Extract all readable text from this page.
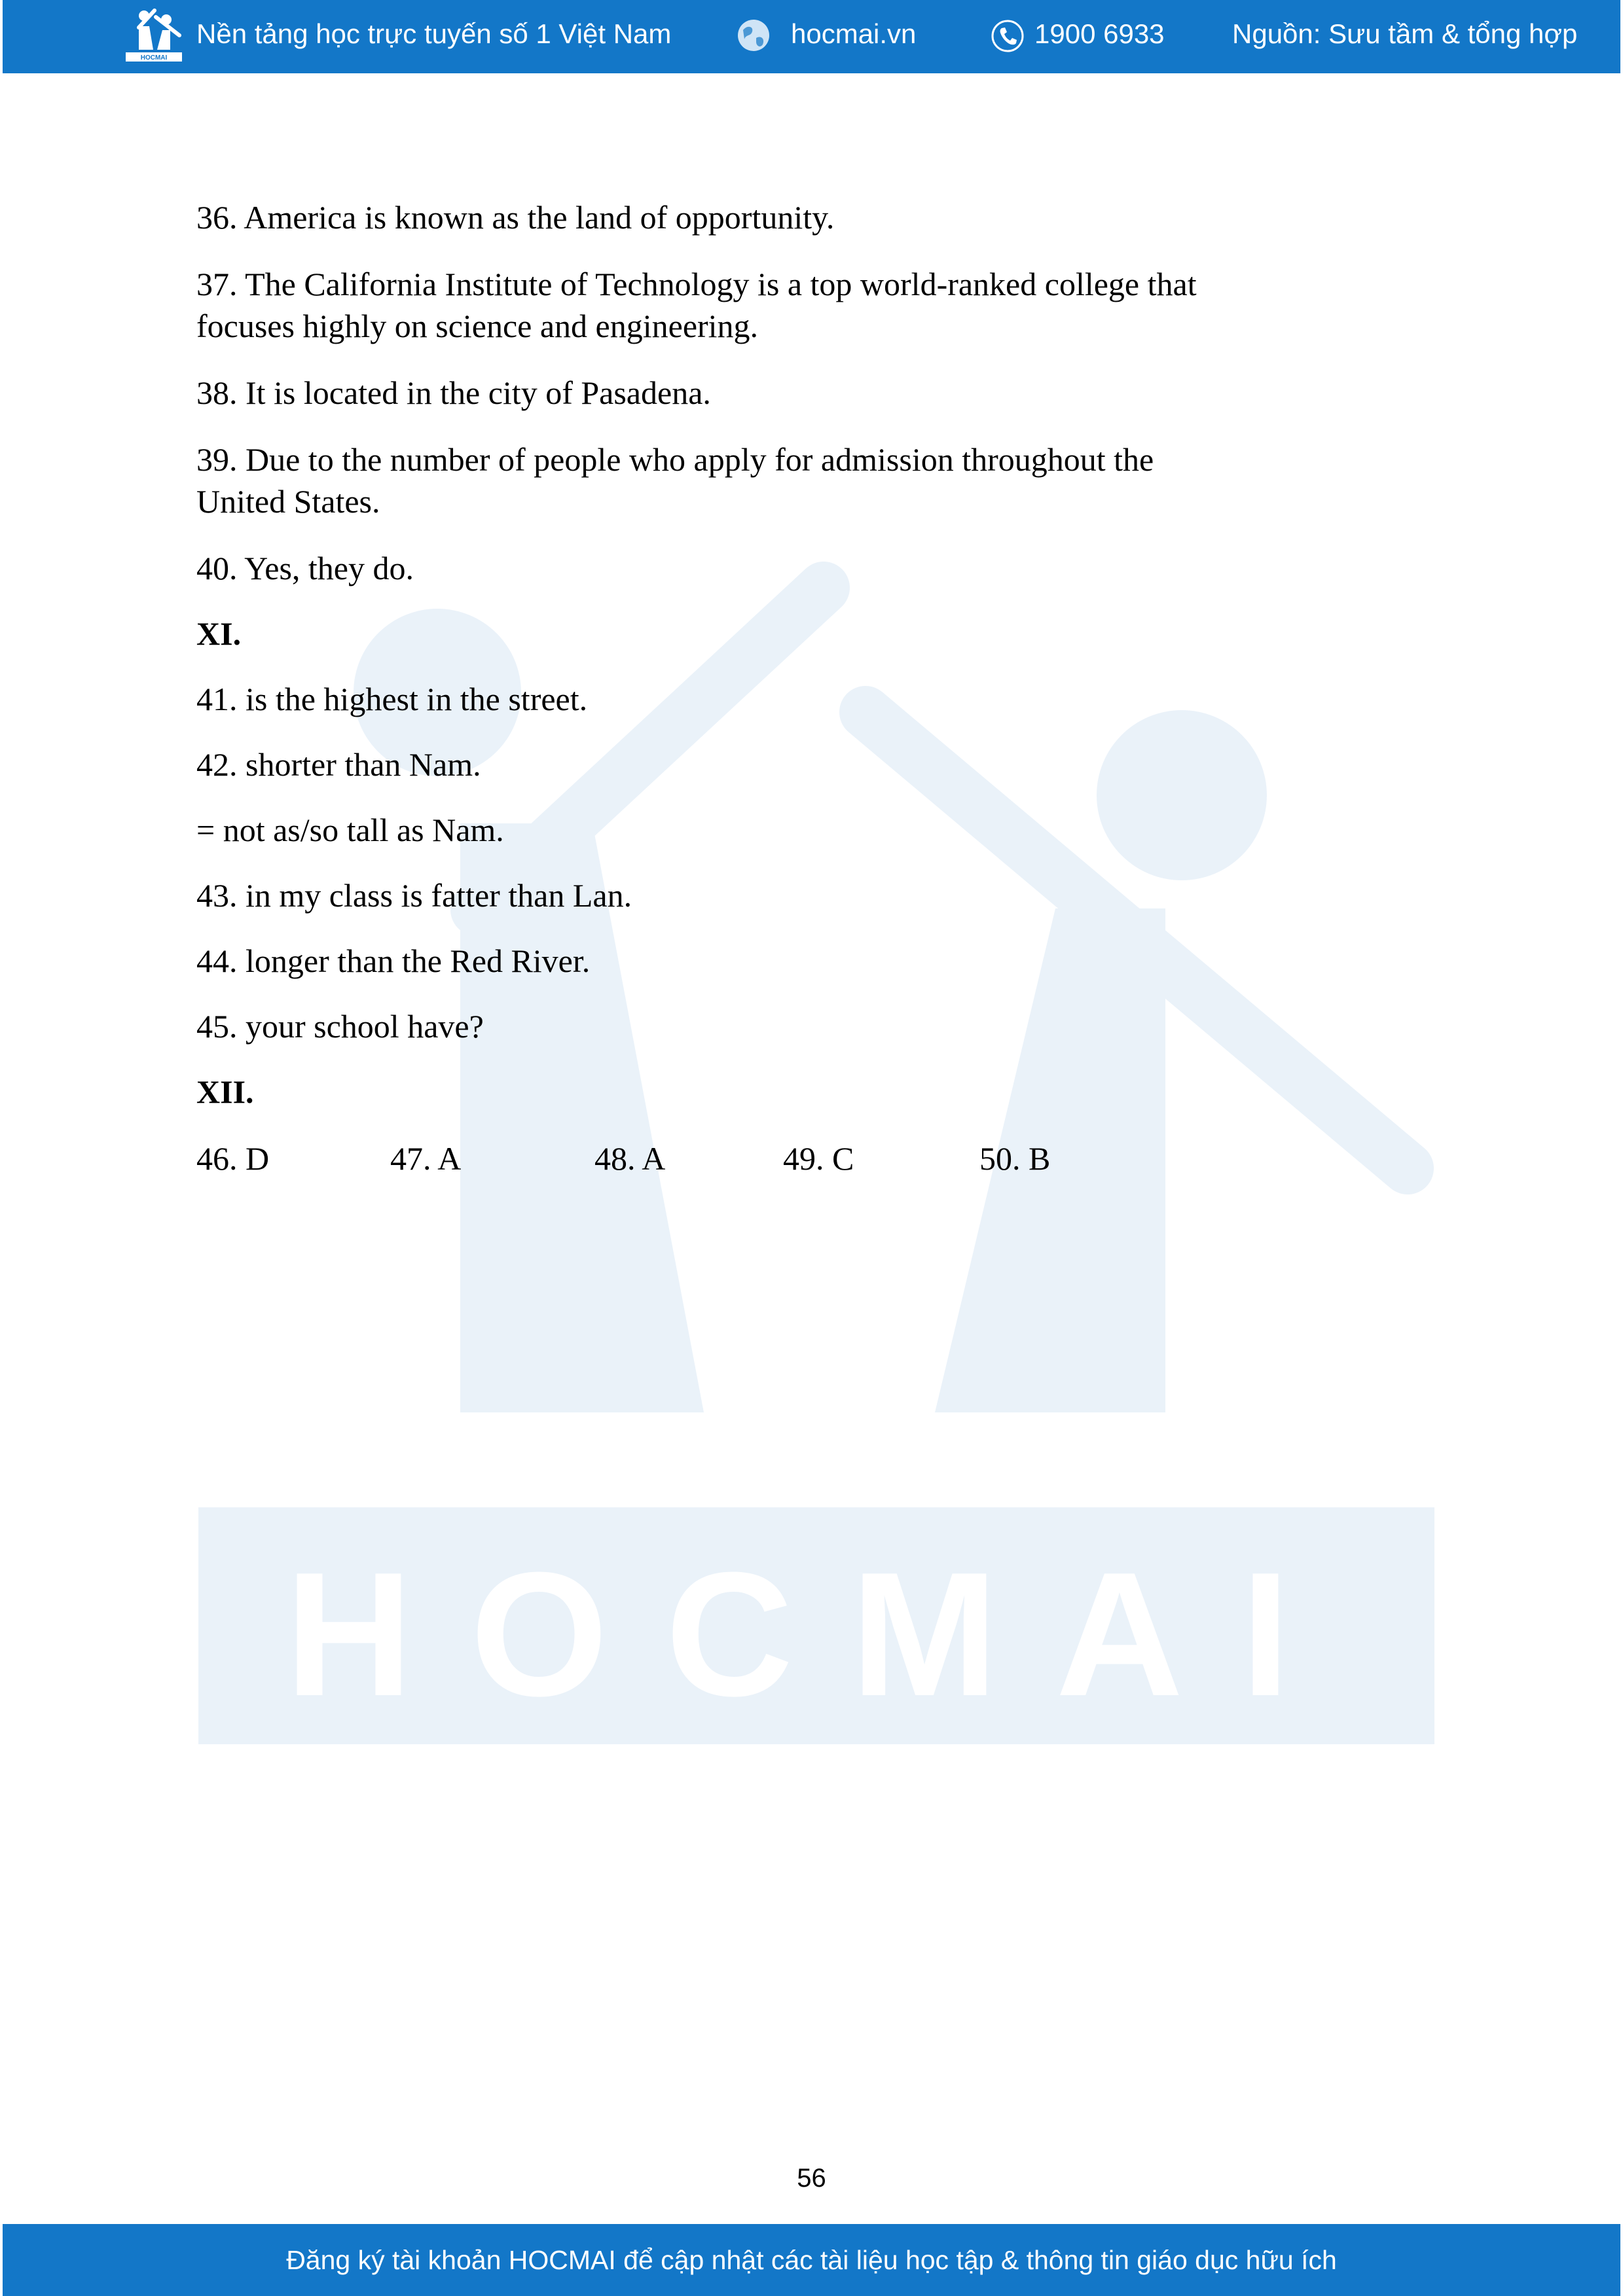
HOCMAI
HOCMAI
Nền tảng học trực tuyến số 1 Việt Nam	hocmai.vn	1900 6933 Nguồn: Sưu tầm & tổng hợp
36. America is known as the land of opportunity.
37. The California Institute of Technology is a top world-ranked college that
focuses highly on science and engineering.
38. It is located in the city of Pasadena.
39. Due to the number of people who apply for admission throughout the
United States.
40. Yes, they do.
XI.
41. is the highest in the street.
42. shorter than Nam.
= not as/so tall as Nam.
43. in my class is fatter than Lan.
44. longer than the Red River.
45. your school have?
XII.
46. D	47. A	48. A	49. C	50. B
56
Đăng ký tài khoản HOCMAI để cập nhật các tài liệu học tập & thông tin giáo dục hữu ích
